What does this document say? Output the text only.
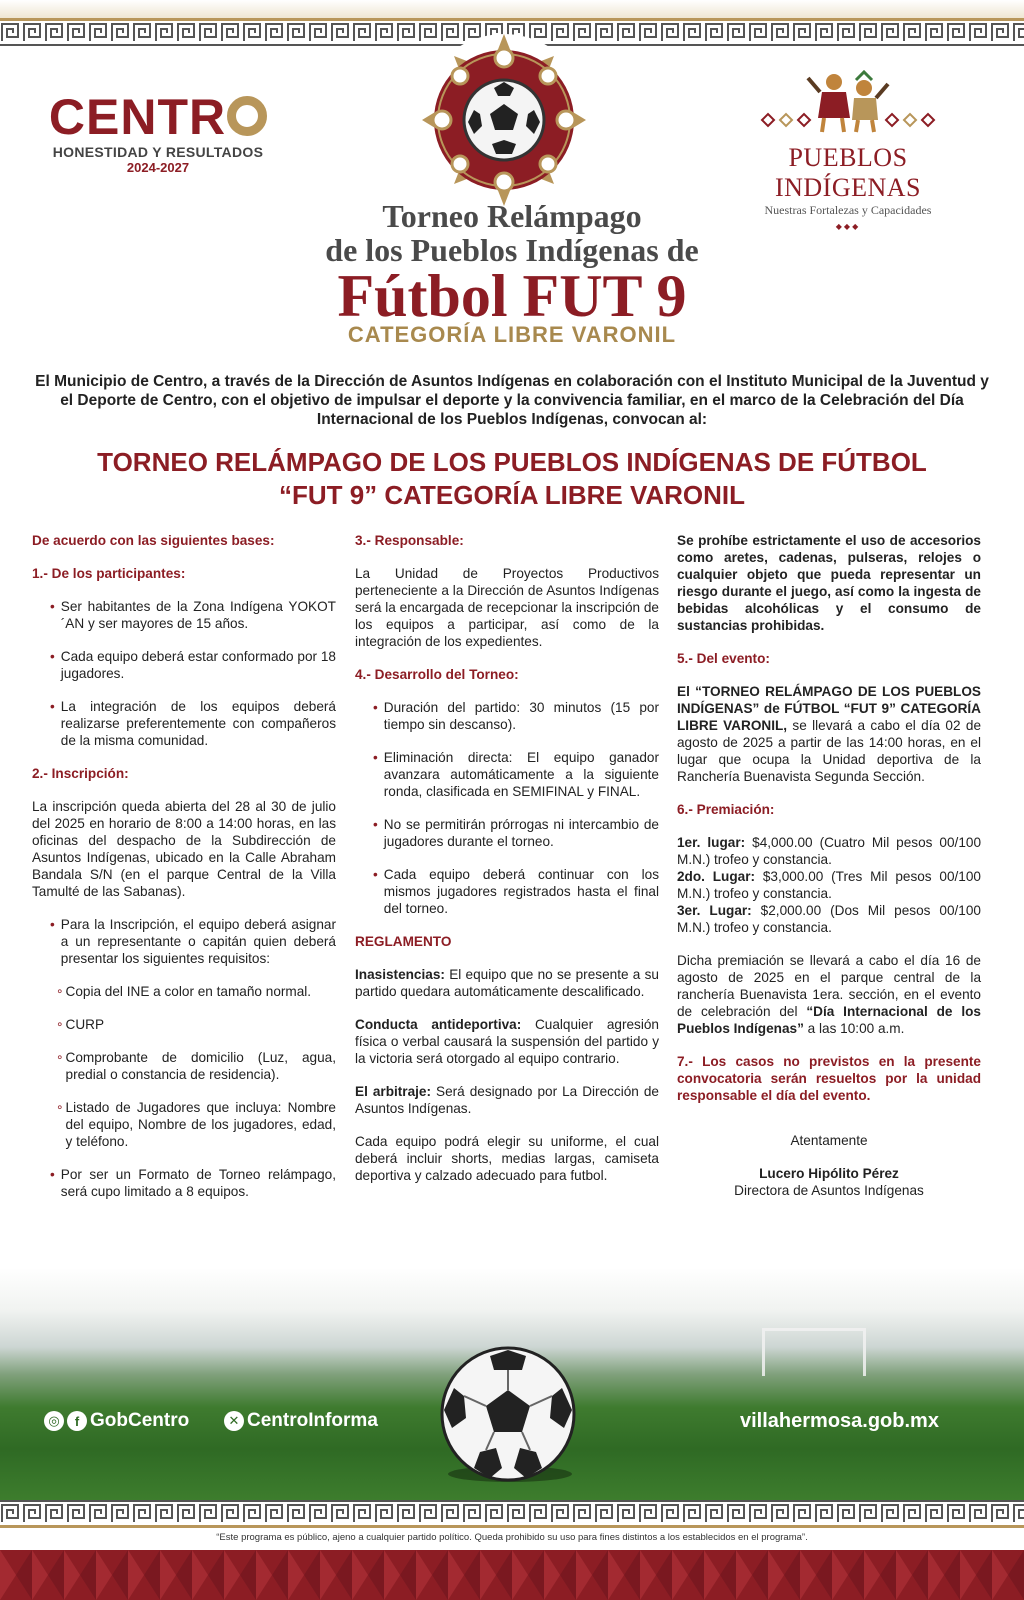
CENTR
HONESTIDAD Y RESULTADOS
2024-2027	PUEBLOS INDÍGENAS
Nuestras Fortalezas y Capacidades
◆◆◆
Torneo Relámpago
de los Pueblos Indígenas de
Fútbol FUT 9
CATEGORÍA LIBRE VARONIL
El Municipio de Centro, a través de la Dirección de Asuntos Indígenas en colaboración con el Instituto Municipal de la Juventud y el Deporte de Centro, con el objetivo de impulsar el deporte y la convivencia familiar, en el marco de la Celebración del Día Internacional de los Pueblos Indígenas, convocan al:
TORNEO RELÁMPAGO DE LOS PUEBLOS INDÍGENAS DE FÚTBOL
“FUT 9” CATEGORÍA LIBRE VARONIL

De acuerdo con las siguientes bases:

1.- De los participantes:

• Ser habitantes de la Zona Indígena YOKOT´AN y ser mayores de 15 años.
• Cada equipo deberá estar conformado por 18 jugadores.
• La integración de los equipos deberá realizarse preferentemente con compañeros de la misma comunidad.

2.- Inscripción:

La inscripción queda abierta del 28 al 30 de julio del 2025 en horario de 8:00 a 14:00 horas, en las oficinas del despacho de la Subdirección de Asuntos Indígenas, ubicado en la Calle Abraham Bandala S/N (en el parque Central de la Villa Tamulté de las Sabanas).

• Para la Inscripción, el equipo deberá asignar a un representante o capitán quien deberá presentar los siguientes requisitos:
∘ Copia del INE a color en tamaño normal.
∘ CURP
∘ Comprobante de domicilio (Luz, agua, predial o constancia de residencia).
∘ Listado de Jugadores que incluya: Nombre del equipo, Nombre de los jugadores, edad, y teléfono.
• Por ser un Formato de Torneo relámpago, será cupo limitado a 8 equipos.

3.- Responsable:

La Unidad de Proyectos Productivos perteneciente a la Dirección de Asuntos Indígenas será la encargada de recepcionar la inscripción de los equipos a participar, así como de la integración de los expedientes.

4.- Desarrollo del Torneo:

• Duración del partido: 30 minutos (15 por tiempo sin descanso).
• Eliminación directa: El equipo ganador avanzara automáticamente a la siguiente ronda, clasificada en SEMIFINAL y FINAL.
• No se permitirán prórrogas ni intercambio de jugadores durante el torneo.
• Cada equipo deberá continuar con los mismos jugadores registrados hasta el final del torneo.

REGLAMENTO

Inasistencias: El equipo que no se presente a su partido quedara automáticamente descalificado.

Conducta antideportiva: Cualquier agresión física o verbal causará la suspensión del partido y la victoria será otorgado al equipo contrario.

El arbitraje: Será designado por La Dirección de Asuntos Indígenas.

Cada equipo podrá elegir su uniforme, el cual deberá incluir shorts, medias largas, camiseta deportiva y calzado adecuado para futbol.

Se prohíbe estrictamente el uso de accesorios como aretes, cadenas, pulseras, relojes o cualquier objeto que pueda representar un riesgo durante el juego, así como la ingesta de bebidas alcohólicas y el consumo de sustancias prohibidas.

5.- Del evento:

El “TORNEO RELÁMPAGO DE LOS PUEBLOS INDÍGENAS” de FÚTBOL “FUT 9” CATEGORÍA LIBRE VARONIL, se llevará a cabo el día 02 de agosto de 2025 a partir de las 14:00 horas, en el lugar que ocupa la Unidad deportiva de la Ranchería Buenavista Segunda Sección.

6.- Premiación:

1er. lugar: $4,000.00 (Cuatro Mil pesos 00/100 M.N.) trofeo y constancia.
2do. Lugar: $3,000.00 (Tres Mil pesos 00/100 M.N.) trofeo y constancia.
3er. Lugar: $2,000.00 (Dos Mil pesos 00/100 M.N.) trofeo y constancia.

Dicha premiación se llevará a cabo el día 16 de agosto de 2025 en el parque central de la ranchería Buenavista 1era. sección, en el evento de celebración del “Día Internacional de los Pueblos Indígenas” a las 10:00 a.m.

7.- Los casos no previstos en la presente convocatoria serán resueltos por la unidad responsable el día del evento.

Atentamente

Lucero Hipólito Pérez
Directora de Asuntos Indígenas
◎	f GobCentro	✕ CentroInforma	villahermosa.gob.mx
“Este programa es público, ajeno a cualquier partido político. Queda prohibido su uso para fines distintos a los establecidos en el programa”.
